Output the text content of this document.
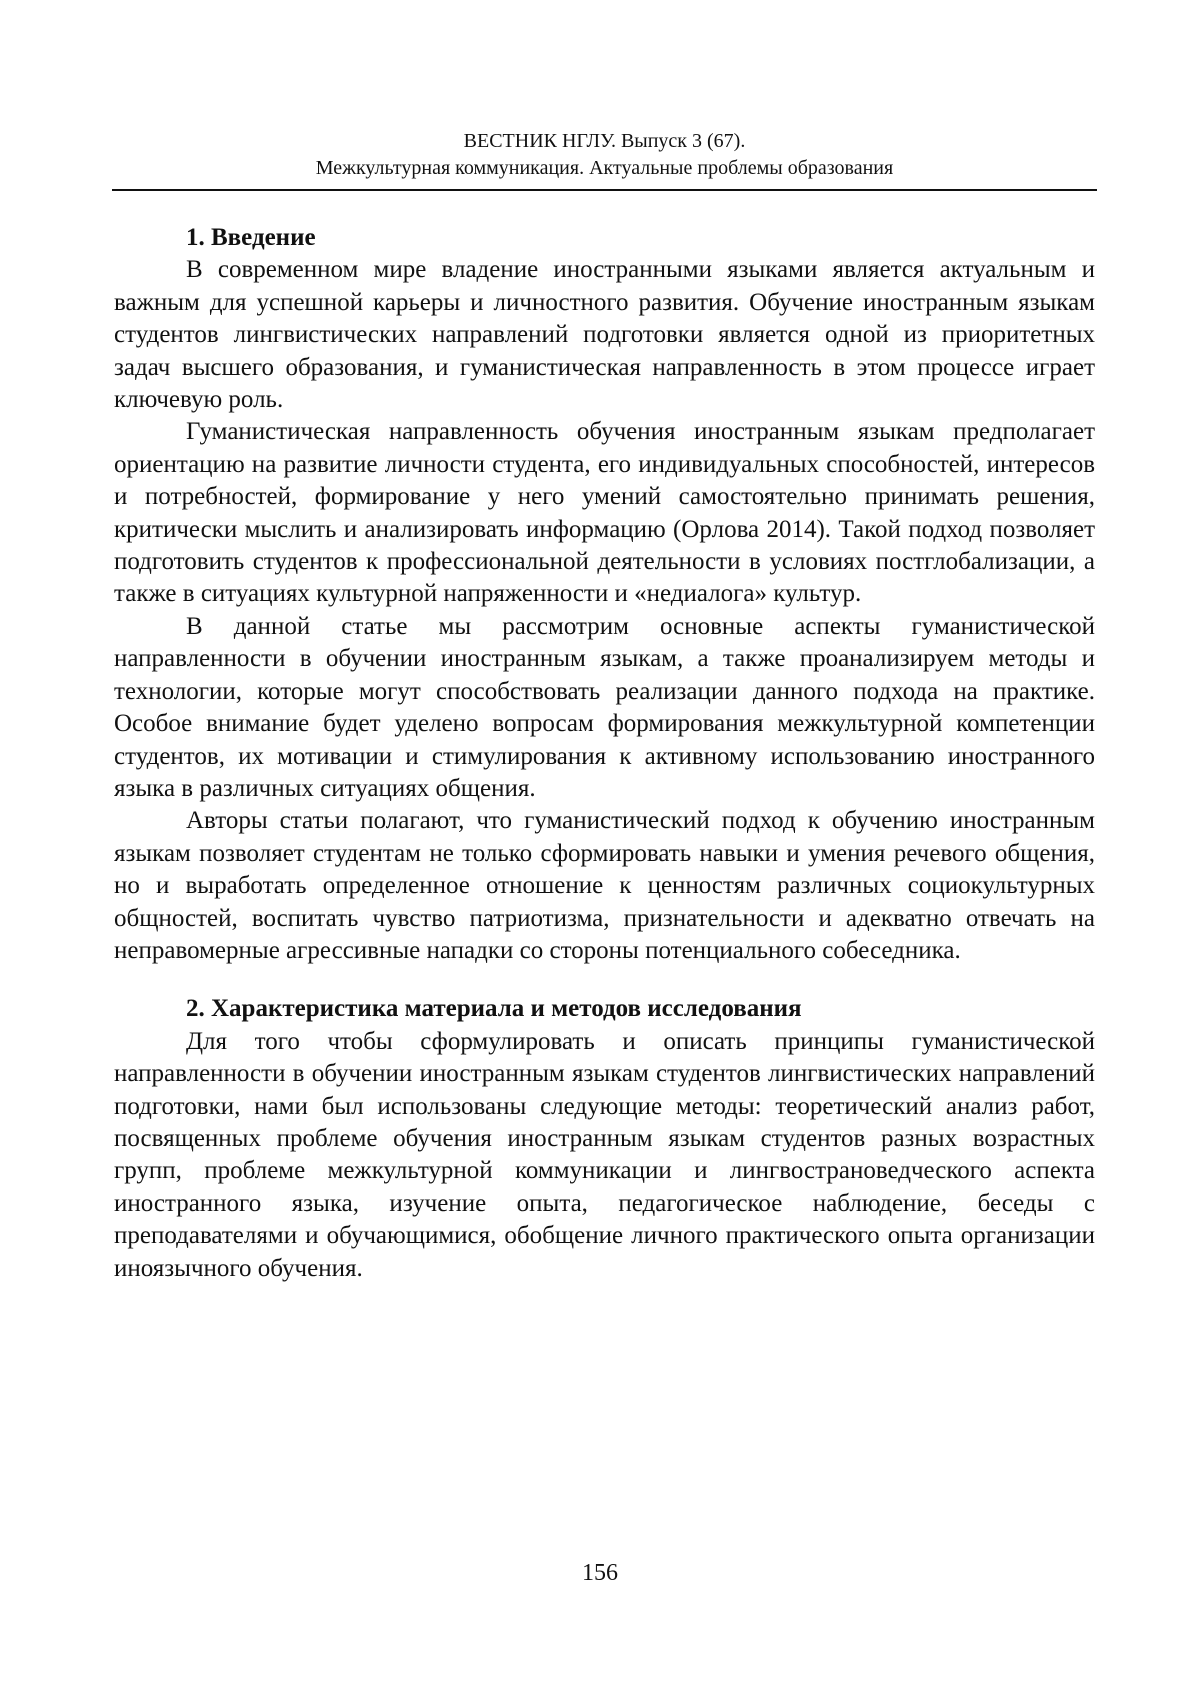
ВЕСТНИК НГЛУ. Выпуск 3 (67).
Межкультурная коммуникация. Актуальные проблемы образования
1. Введение

В современном мире владение иностранными языками является актуальным и важным для успешной карьеры и личностного развития. Обучение иностранным языкам студентов лингвистических направлений подготовки является одной из приоритетных задач высшего образования, и гуманистическая направленность в этом процессе играет ключевую роль.

Гуманистическая направленность обучения иностранным языкам предполагает ориентацию на развитие личности студента, его индивидуальных способностей, интересов и потребностей, формирование у него умений самостоятельно принимать решения, критически мыслить и анализировать информацию (Орлова 2014). Такой подход позволяет подготовить студентов к профессиональной деятельности в условиях постглобализации, а также в ситуациях культурной напряженности и «недиалога» культур.

В данной статье мы рассмотрим основные аспекты гуманистической направленности в обучении иностранным языкам, а также проанализируем методы и технологии, которые могут способствовать реализации данного подхода на практике. Особое внимание будет уделено вопросам формирования межкультурной компетенции студентов, их мотивации и стимулирования к активному использованию иностранного языка в различных ситуациях общения.

Авторы статьи полагают, что гуманистический подход к обучению иностранным языкам позволяет студентам не только сформировать навыки и умения речевого общения, но и выработать определенное отношение к ценностям различных социокультурных общностей, воспитать чувство патриотизма, признательности и адекватно отвечать на неправомерные агрессивные нападки со стороны потенциального собеседника.

2. Характеристика материала и методов исследования

Для того чтобы сформулировать и описать принципы гуманистической направленности в обучении иностранным языкам студентов лингвистических направлений подготовки, нами был использованы следующие методы: теоретический анализ работ, посвященных проблеме обучения иностранным языкам студентов разных возрастных групп, проблеме межкультурной коммуникации и лингвострановедческого аспекта иностранного языка, изучение опыта, педагогическое наблюдение, беседы с преподавателями и обучающимися, обобщение личного практического опыта организации иноязычного обучения.

156
